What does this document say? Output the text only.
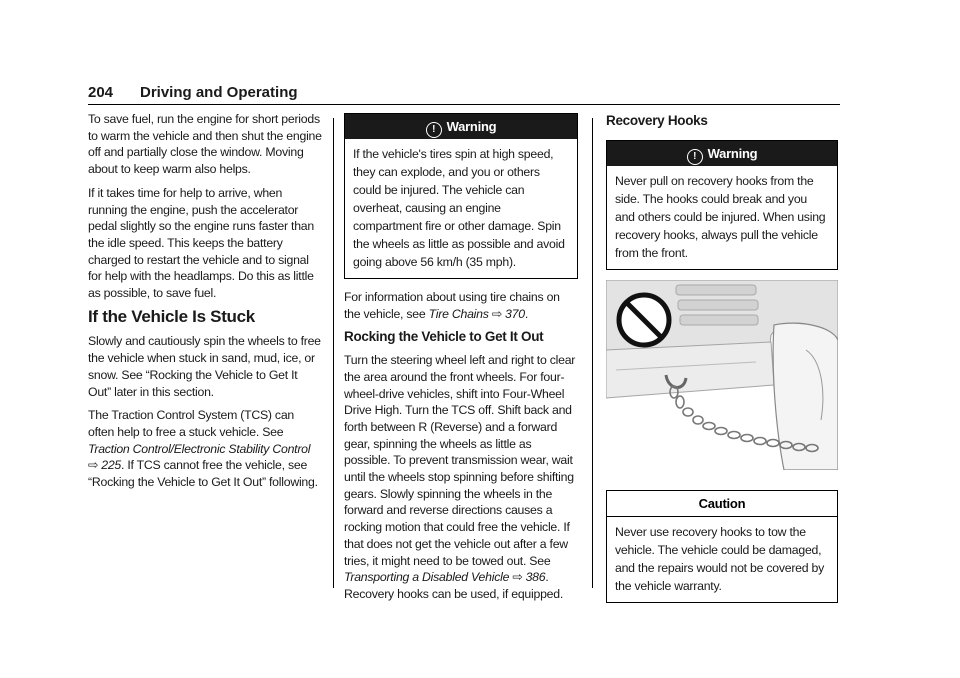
204 Driving and Operating

To save fuel, run the engine for short periods to warm the vehicle and then shut the engine off and partially close the window. Moving about to keep warm also helps.

If it takes time for help to arrive, when running the engine, push the accelerator pedal slightly so the engine runs faster than the idle speed. This keeps the battery charged to restart the vehicle and to signal for help with the headlamps. Do this as little as possible, to save fuel.

If the Vehicle Is Stuck

Slowly and cautiously spin the wheels to free the vehicle when stuck in sand, mud, ice, or snow. See “Rocking the Vehicle to Get It Out” later in this section.

The Traction Control System (TCS) can often help to free a stuck vehicle. See Traction Control/Electronic Stability Control ⇨ 225. If TCS cannot free the vehicle, see “Rocking the Vehicle to Get It Out” following.

! Warning
If the vehicle's tires spin at high speed, they can explode, and you or others could be injured. The vehicle can overheat, causing an engine compartment fire or other damage. Spin the wheels as little as possible and avoid going above 56 km/h (35 mph).

For information about using tire chains on the vehicle, see Tire Chains ⇨ 370.

Rocking the Vehicle to Get It Out

Turn the steering wheel left and right to clear the area around the front wheels. For four-wheel-drive vehicles, shift into Four-Wheel Drive High. Turn the TCS off. Shift back and forth between R (Reverse) and a forward gear, spinning the wheels as little as possible. To prevent transmission wear, wait until the wheels stop spinning before shifting gears. Slowly spinning the wheels in the forward and reverse directions causes a rocking motion that could free the vehicle. If that does not get the vehicle out after a few tries, it might need to be towed out. See Transporting a Disabled Vehicle ⇨ 386. Recovery hooks can be used, if equipped.

Recovery Hooks
! Warning
Never pull on recovery hooks from the side. The hooks could break and you and others could be injured. When using recovery hooks, always pull the vehicle from the front.
Caution
Never use recovery hooks to tow the vehicle. The vehicle could be damaged, and the repairs would not be covered by the vehicle warranty.
